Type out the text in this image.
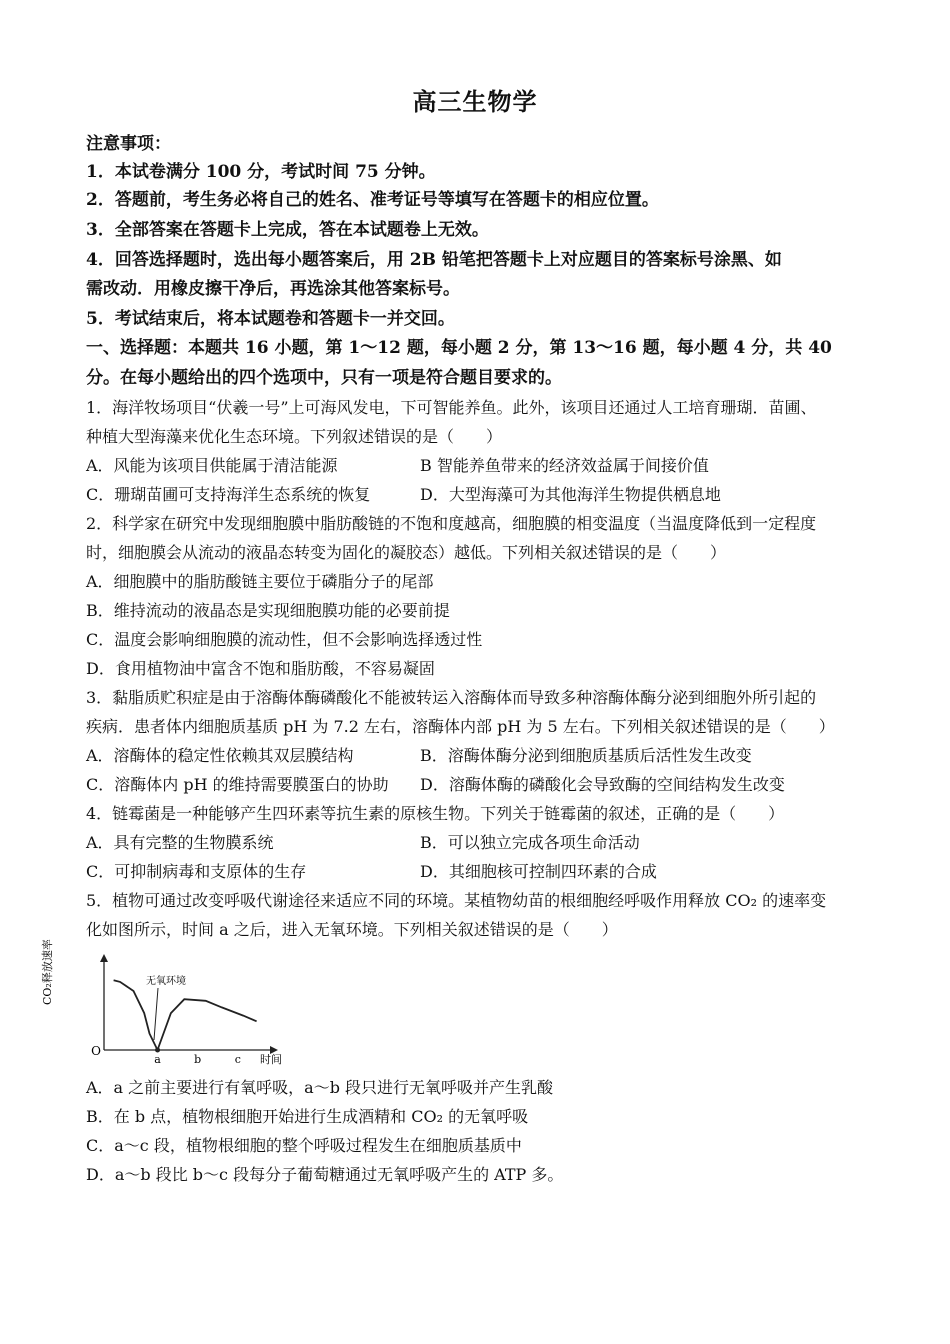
高三生物学
注意事项：
1．本试卷满分 100 分，考试时间 75 分钟。
2．答题前，考生务必将自己的姓名、准考证号等填写在答题卡的相应位置。
3．全部答案在答题卡上完成，答在本试题卷上无效。
4．回答选择题时，选出每小题答案后，用 2B 铅笔把答题卡上对应题目的答案标号涂黑、如
需改动．用橡皮擦干净后，再选涂其他答案标号。
5．考试结束后，将本试题卷和答题卡一并交回。
一、选择题：本题共 16 小题，第 1～12 题，每小题 2 分，第 13～16 题，每小题 4 分，共 40
分。在每小题给出的四个选项中，只有一项是符合题目要求的。
1．海洋牧场项目“伏羲一号”上可海风发电，下可智能养鱼。此外，该项目还通过人工培育珊瑚．苗圃、
种植大型海藻来优化生态环境。下列叙述错误的是（　　）
A．风能为该项目供能属于清洁能源	B 智能养鱼带来的经济效益属于间接价值
C．珊瑚苗圃可支持海洋生态系统的恢复	D．大型海藻可为其他海洋生物提供栖息地
2．科学家在研究中发现细胞膜中脂肪酸链的不饱和度越高，细胞膜的相变温度（当温度降低到一定程度
时，细胞膜会从流动的液晶态转变为固化的凝胶态）越低。下列相关叙述错误的是（　　）
A．细胞膜中的脂肪酸链主要位于磷脂分子的尾部
B．维持流动的液晶态是实现细胞膜功能的必要前提
C．温度会影响细胞膜的流动性，但不会影响选择透过性
D．食用植物油中富含不饱和脂肪酸，不容易凝固
3．黏脂质贮积症是由于溶酶体酶磷酸化不能被转运入溶酶体而导致多种溶酶体酶分泌到细胞外所引起的
疾病．患者体内细胞质基质 pH 为 7.2 左右，溶酶体内部 pH 为 5 左右。下列相关叙述错误的是（　　）
A．溶酶体的稳定性依赖其双层膜结构	B．溶酶体酶分泌到细胞质基质后活性发生改变
C．溶酶体内 pH 的维持需要膜蛋白的协助 D．溶酶体酶的磷酸化会导致酶的空间结构发生改变
4．链霉菌是一种能够产生四环素等抗生素的原核生物。下列关于链霉菌的叙述，正确的是（　　）
A．具有完整的生物膜系统	B．可以独立完成各项生命活动
C．可抑制病毒和支原体的生存	D．其细胞核可控制四环素的合成
5．植物可通过改变呼吸代谢途径来适应不同的环境。某植物幼苗的根细胞经呼吸作用释放 CO₂ 的速率变
化如图所示，时间 a 之后，进入无氧环境。下列相关叙述错误的是（　　）
O
CO₂释放速率
时间
无氧环境
a	b	c
A．a 之前主要进行有氧呼吸，a～b 段只进行无氧呼吸并产生乳酸
B．在 b 点，植物根细胞开始进行生成酒精和 CO₂ 的无氧呼吸
C．a～c 段，植物根细胞的整个呼吸过程发生在细胞质基质中
D．a～b 段比 b～c 段每分子葡萄糖通过无氧呼吸产生的 ATP 多。
